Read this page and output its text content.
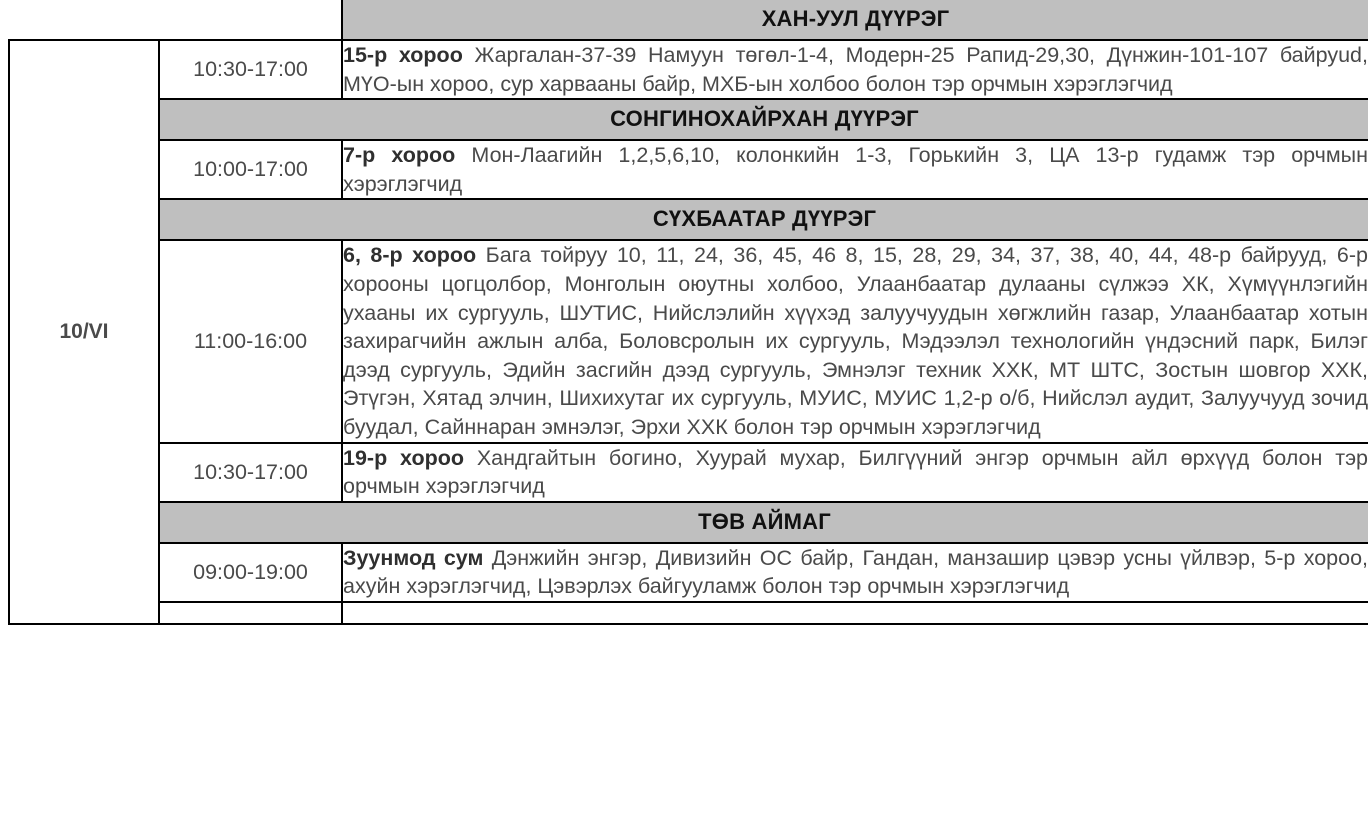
		ХАН-УУЛ ДҮҮРЭГ	
10/VI	10:30-17:00	15-р хороо Жаргалан-37-39 Намуун төгөл-1-4, Модерн-25 Рапид-29,30, Дүнжин-101-107 байруud, МҮО-ын хороо, сур харвааны байр, МХБ-ын холбоо болон тэр орчмын хэрэглэгчид	
	СОНГИНОХАЙРХАН ДҮҮРЭГ		
	10:00-17:00	7-р хороо Мон-Лаагийн 1,2,5,6,10, колонкийн 1-3, Горькийн 3, ЦА 13-р гудамж тэр орчмын хэрэглэгчид	
	СҮХБААТАР ДҮҮРЭГ		
	11:00-16:00	6, 8-р хороо Бага тойруу 10, 11, 24, 36, 45, 46 8, 15, 28, 29, 34, 37, 38, 40, 44, 48-р байрууд, 6-р хорооны цогцолбор, Монголын оюутны холбоо, Улаанбаатар дулааны сүлжээ ХК, Хүмүүнлэгийн ухааны их сургууль, ШУТИС, Нийслэлийн хүүхэд залуучуудын хөгжлийн газар, Улаанбаатар хотын захирагчийн ажлын алба, Боловсролын их сургууль, Мэдээлэл технологийн үндэсний парк, Билэг дээд сургууль, Эдийн засгийн дээд сургууль, Эмнэлэг техник ХХК, МТ ШТС, Зостын шовгор ХХК, Этүгэн, Хятад элчин, Шихихутаг их сургууль, МУИС, МУИС 1,2-р о/б, Нийслэл аудит, Залуучууд зочид буудал, Сайннаран эмнэлэг, Эрхи ХХК болон тэр орчмын хэрэглэгчид	
	10:30-17:00	19-р хороо Хандгайтын богино, Хуурай мухар, Билгүүний энгэр орчмын айл өрхүүд болон тэр орчмын хэрэглэгчид	
	ТӨВ АЙМАГ		
	09:00-19:00	Зуунмод сум Дэнжийн энгэр, Дивизийн ОС байр, Гандан, манзашир цэвэр усны үйлвэр, 5-р хороо, ахуйн хэрэглэгчид, Цэвэрлэх байгууламж болон тэр орчмын хэрэглэгчид	
